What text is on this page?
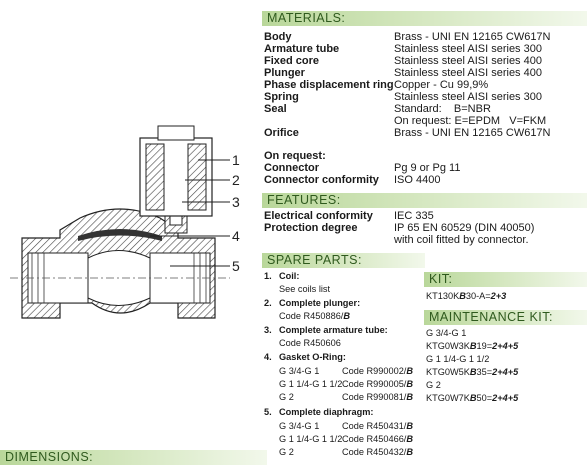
1
2
3
4
5
MATERIALS:
Body	Brass - UNI EN 12165 CW617N
Armature tube	Stainless steel AISI series 300
Fixed core	Stainless steel AISI series 400
Plunger	Stainless steel AISI series 400
Phase displacement ring Copper - Cu 99,9%
Spring	Stainless steel AISI series 300
Seal	Standard:    B=NBR
On request: E=EPDM   V=FKM
Orifice	Brass - UNI EN 12165 CW617N
On request:
Connector	Pg 9 or Pg 11
Connector conformity ISO 4400
FEATURES:
Electrical conformity IEC 335
Protection degree	IP 65 EN 60529 (DIN 40050)
with coil fitted by connector.
SPARE PARTS:
1. Coil:
See coils list
2. Complete plunger:
Code R450886/B
3. Complete armature tube:
Code R450606
4. Gasket O-Ring:
G 3/4-G 1 Code R990002/B
G 1 1/4-G 1 1/2 Code R990005/B
G 2	Code R990081/B
5. Complete diaphragm:
G 3/4-G 1 Code R450431/B
G 1 1/4-G 1 1/2 Code R450466/B
G 2	Code R450432/B
KIT:
KT130KB30-A=2+3
MAINTENANCE KIT:
G 3/4-G 1
KTG0W3KB19=2+4+5
G 1 1/4-G 1 1/2
KTG0W5KB35=2+4+5
G 2
KTG0W7KB50=2+4+5
DIMENSIONS:
